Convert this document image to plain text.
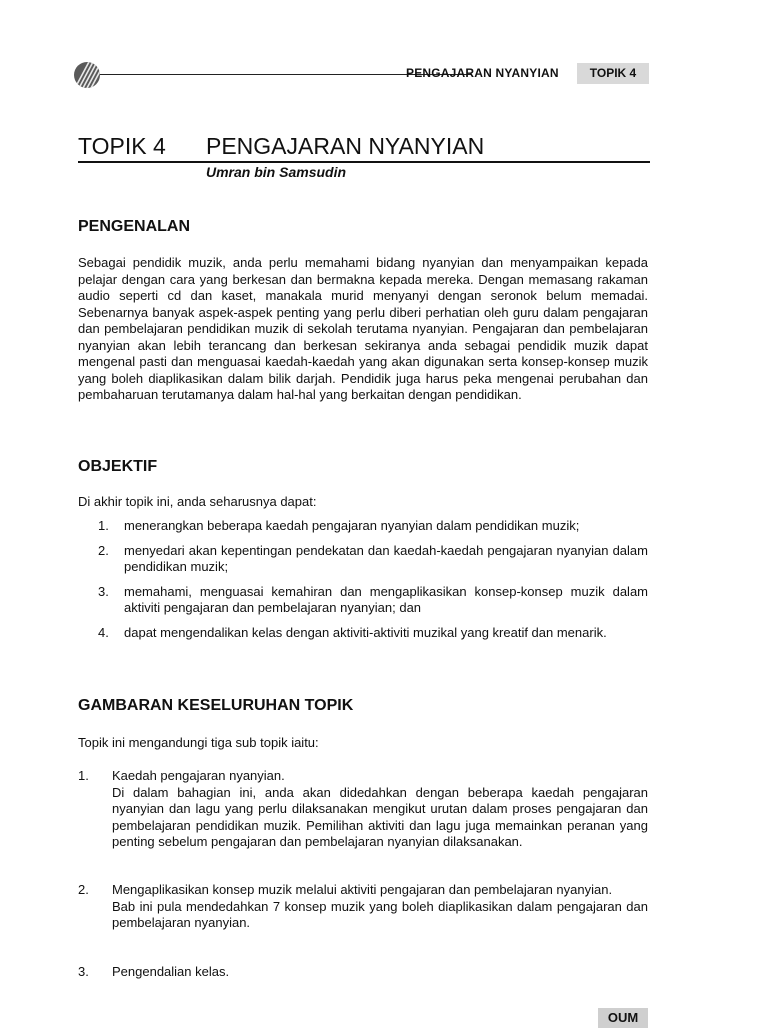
PENGAJARAN NYANYIAN	TOPIK 4
TOPIK 4 PENGAJARAN NYANYIAN
Umran bin Samsudin
PENGENALAN
Sebagai pendidik muzik, anda perlu memahami bidang nyanyian dan menyampaikan kepada pelajar dengan cara yang berkesan dan bermakna kepada mereka. Dengan memasang rakaman audio seperti cd dan kaset, manakala murid menyanyi dengan seronok belum memadai. Sebenarnya banyak aspek-aspek penting yang perlu diberi perhatian oleh guru dalam pengajaran dan pembelajaran pendidikan muzik di sekolah terutama nyanyian. Pengajaran dan pembelajaran nyanyian akan lebih terancang dan berkesan sekiranya anda sebagai pendidik muzik dapat mengenal pasti dan menguasai kaedah-kaedah yang akan digunakan serta konsep-konsep muzik yang boleh diaplikasikan dalam bilik darjah. Pendidik juga harus peka mengenai perubahan dan pembaharuan terutamanya dalam hal-hal yang berkaitan dengan pendidikan.
OBJEKTIF
Di akhir topik ini, anda seharusnya dapat:
1. menerangkan beberapa kaedah pengajaran nyanyian dalam pendidikan muzik;
2. menyedari akan kepentingan pendekatan dan kaedah-kaedah pengajaran nyanyian dalam pendidikan muzik;
3. memahami, menguasai kemahiran dan mengaplikasikan konsep-konsep muzik dalam aktiviti pengajaran dan pembelajaran nyanyian; dan
4. dapat mengendalikan kelas dengan aktiviti-aktiviti muzikal yang kreatif dan menarik.
GAMBARAN KESELURUHAN TOPIK
Topik ini mengandungi tiga sub topik iaitu:
1. Kaedah pengajaran nyanyian.
Di dalam bahagian ini, anda akan didedahkan dengan beberapa kaedah pengajaran nyanyian dan lagu yang perlu dilaksanakan mengikut urutan dalam proses pengajaran dan pembelajaran pendidikan muzik. Pemilihan aktiviti dan lagu juga memainkan peranan yang penting sebelum pengajaran dan pembelajaran nyanyian dilaksanakan.
2. Mengaplikasikan konsep muzik melalui aktiviti pengajaran dan pembelajaran nyanyian.
Bab ini pula mendedahkan 7 konsep muzik yang boleh diaplikasikan dalam pengajaran dan pembelajaran nyanyian.
3. Pengendalian kelas.
OUM
